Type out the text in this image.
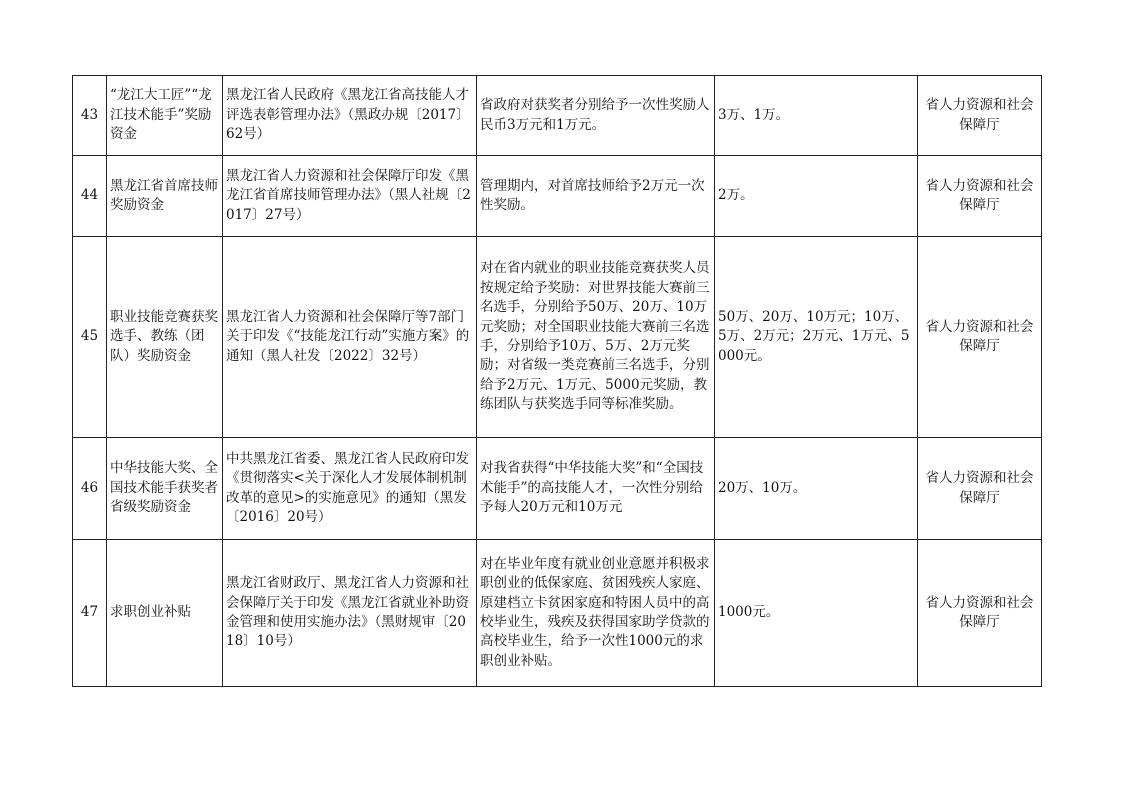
43	“龙江大工匠”“龙江技术能手”奖励资金	黑龙江省人民政府《黑龙江省高技能人才评选表彰管理办法》（黑政办规〔2017〕62号）	省政府对获奖者分别给予一次性奖励人民币3万元和1万元。	3万、1万。	省人力资源和社会保障厅
44	黑龙江省首席技师奖励资金	黑龙江省人力资源和社会保障厅印发《黑龙江省首席技师管理办法》（黑人社规〔2017〕27号）	管理期内，对首席技师给予2万元一次性奖励。	2万。	省人力资源和社会保障厅
45	职业技能竞赛获奖选手、教练（团队）奖励资金	黑龙江省人力资源和社会保障厅等7部门关于印发《“技能龙江行动”实施方案》的通知（黑人社发〔2022〕32号）	对在省内就业的职业技能竞赛获奖人员按规定给予奖励：对世界技能大赛前三名选手，分别给予50万、20万、10万元奖励；对全国职业技能大赛前三名选手，分别给予10万、5万、2万元奖励；对省级一类竞赛前三名选手，分别给予2万元、1万元、5000元奖励，教练团队与获奖选手同等标准奖励。	50万、20万、10万元；10万、5万、2万元；2万元、1万元、5000元。	省人力资源和社会保障厅
46	中华技能大奖、全国技术能手获奖者省级奖励资金	中共黑龙江省委、黑龙江省人民政府印发《贯彻落实<关于深化人才发展体制机制改革的意见>的实施意见》的通知（黑发〔2016〕20号）	对我省获得“中华技能大奖”和“全国技术能手”的高技能人才，一次性分别给予每人20万元和10万元	20万、10万。	省人力资源和社会保障厅
47	求职创业补贴	黑龙江省财政厅、黑龙江省人力资源和社会保障厅关于印发《黑龙江省就业补助资金管理和使用实施办法》（黑财规审〔2018〕10号）	对在毕业年度有就业创业意愿并积极求职创业的低保家庭、贫困残疾人家庭、原建档立卡贫困家庭和特困人员中的高校毕业生，残疾及获得国家助学贷款的高校毕业生，给予一次性1000元的求职创业补贴。	1000元。	省人力资源和社会保障厅
